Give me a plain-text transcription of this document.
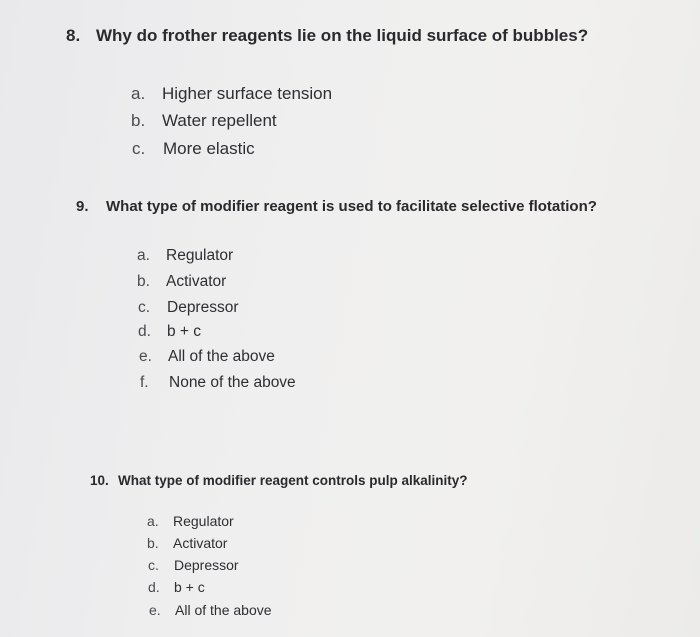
8. Why do frother reagents lie on the liquid surface of bubbles?
a. Higher surface tension
b. Water repellent
c. More elastic
9. What type of modifier reagent is used to facilitate selective flotation?
a. Regulator
b. Activator
c. Depressor
d. b + c
e. All of the above
f. None of the above
10. What type of modifier reagent controls pulp alkalinity?
a. Regulator
b. Activator
c. Depressor
d. b + c
e. All of the above
